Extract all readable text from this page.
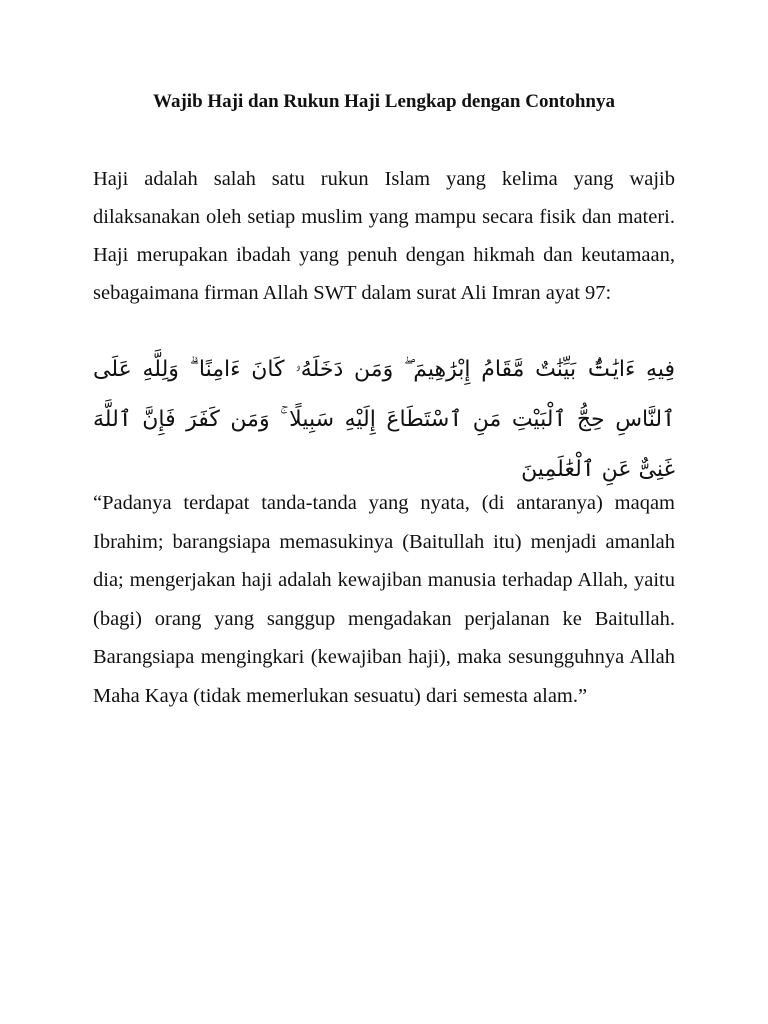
Wajib Haji dan Rukun Haji Lengkap dengan Contohnya

Haji adalah salah satu rukun Islam yang kelima yang wajib dilaksanakan oleh setiap muslim yang mampu secara fisik dan materi. Haji merupakan ibadah yang penuh dengan hikmah dan keutamaan, sebagaimana firman Allah SWT dalam surat Ali Imran ayat 97:

فِيهِ ءَايَٰتٌۢ بَيِّنَٰتٌ مَّقَامُ إِبْرَٰهِيمَ ۖ وَمَن دَخَلَهُۥ كَانَ ءَامِنًا ۗ وَلِلَّهِ عَلَى ٱلنَّاسِ حِجُّ ٱلْبَيْتِ مَنِ ٱسْتَطَاعَ إِلَيْهِ سَبِيلًا ۚ وَمَن كَفَرَ فَإِنَّ ٱللَّهَ غَنِىٌّ عَنِ ٱلْعَٰلَمِينَ

“Padanya terdapat tanda-tanda yang nyata, (di antaranya) maqam Ibrahim; barangsiapa memasukinya (Baitullah itu) menjadi amanlah dia; mengerjakan haji adalah kewajiban manusia terhadap Allah, yaitu (bagi) orang yang sanggup mengadakan perjalanan ke Baitullah. Barangsiapa mengingkari (kewajiban haji), maka sesungguhnya Allah Maha Kaya (tidak memerlukan sesuatu) dari semesta alam.”
